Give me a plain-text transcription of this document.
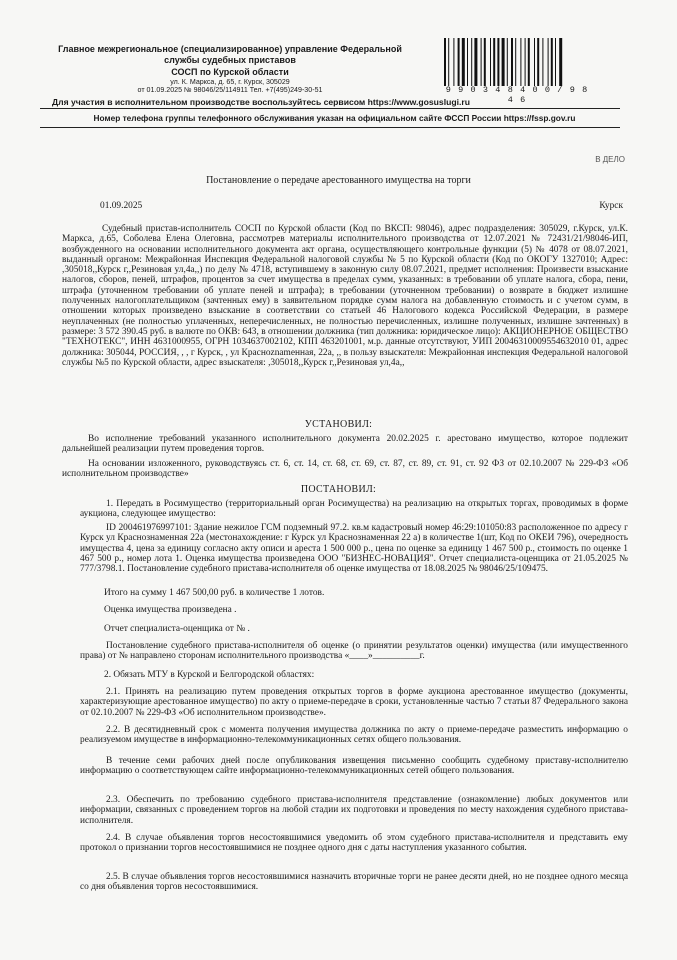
Главное межрегиональное (специализированное) управление Федеральной
службы судебных приставов
СОСП по Курской области
ул. К. Маркса, д. 65, г. Курск, 305029
от 01.09.2025 № 98046/25/114911 Тел. +7(495)249-30-51	9 9 0 3 4 8 4 0 0 / 9 8 4 6
Для участия в исполнительном производстве воспользуйтесь сервисом https://www.gosuslugi.ru
Номер телефона группы телефонного обслуживания указан на официальном сайте ФССП России https://fssp.gov.ru
В ДЕЛО
Постановление о передаче арестованного имущества на торги
01.09.2025	Курск
Судебный пристав-исполнитель СОСП по Курской области (Код по ВКСП: 98046), адрес подразделения: 305029, г.Курск, ул.К. Маркса, д.65, Соболева Елена Олеговна, рассмотрев материалы исполнительного производства от 12.07.2021 № 72431/21/98046-ИП, возбужденного на основании исполнительного документа акт органа, осуществляющего контрольные функции (5) № 4078 от 08.07.2021, выданный органом: Межрайонная Инспекция Федеральной налоговой службы № 5 по Курской области (Код по ОКОГУ 1327010; Адрес: ,305018,,Курск г,,Резиновая ул,4а,,) по делу № 4718, вступившему в законную силу 08.07.2021, предмет исполнения: Произвести взыскание налогов, сборов, пеней, штрафов, процентов за счет имущества в пределах сумм, указанных: в требовании об уплате налога, сбора, пени, штрафа (уточненном требовании об уплате пеней и штрафа); в требовании (уточненном требовании) о возврате в бюджет излишне полученных налогоплательщиком (зачтенных ему) в заявительном порядке сумм налога на добавленную стоимость и с учетом сумм, в отношении которых произведено взыскание в соответствии со статьей 46 Налогового кодекса Российской Федерации, в размере неуплаченных (не полностью уплаченных, неперечисленных, не полностью перечисленных, излишне полученных, излишне зачтенных) в размере: 3 572 390.45 руб. в валюте по ОКВ: 643, в отношении должника (тип должника: юридическое лицо): АКЦИОНЕРНОЕ ОБЩЕСТВО "ТЕХНОТЕКС", ИНН 4631000955, ОГРН 1034637002102, КПП 463201001, м.р. данные отсутствуют, УИП 20046310009554632010 01, адрес должника: 305044, РОССИЯ, , , г Курск, , ул Красноznamенная, 22а, ,, в пользу взыскателя: Межрайонная инспекция Федеральной налоговой службы №5 по Курской области, адрес взыскателя: ,305018,,Курск г,,Резиновая ул,4а,,
УСТАНОВИЛ:
Во исполнение требований указанного исполнительного документа 20.02.2025 г. арестовано имущество, которое подлежит дальнейшей реализации путем проведения торгов.
На основании изложенного, руководствуясь ст. 6, ст. 14, ст. 68, ст. 69, ст. 87, ст. 89, ст. 91, ст. 92 ФЗ от 02.10.2007 № 229-ФЗ «Об исполнительном производстве»
ПОСТАНОВИЛ:
1. Передать в Росимущество (территориальный орган Росимущества) на реализацию на открытых торгах, проводимых в форме аукциона, следующее имущество:
ID 200461976997101: Здание нежилое ГСМ подземный 97.2. кв.м кадастровый номер 46:29:101050:83 расположенное по адресу г Курск ул Краснознаменная 22а (местонахождение: г Курск ул Краснознаменная 22 а) в количестве 1(шт, Код по ОКЕИ 796), очередность имущества 4, цена за единицу согласно акту описи и ареста 1 500 000 р., цена по оценке за единицу 1 467 500 р., стоимость по оценке 1 467 500 р., номер лота 1. Оценка имущества произведена ООО "БИЗНЕС-НОВАЦИЯ". Отчет специалиста-оценщика от 21.05.2025 № 777/3798.1. Постановление судебного пристава-исполнителя об оценке имущества от 18.08.2025 № 98046/25/109475.
Итого на сумму 1 467 500,00 руб. в количестве 1 лотов.
Оценка имущества произведена .
Отчет специалиста-оценщика от № .
Постановление судебного пристава-исполнителя об оценке (о принятии результатов оценки) имущества (или имущественного права) от № направлено сторонам исполнительного производства «____»__________г.
2. Обязать МТУ в Курской и Белгородской областях:
2.1. Принять на реализацию путем проведения открытых торгов в форме аукциона арестованное имущество (документы, характеризующие арестованное имущество) по акту о приеме-передаче в сроки, установленные частью 7 статьи 87 Федерального закона от 02.10.2007 № 229-ФЗ «Об исполнительном производстве».
2.2. В десятидневный срок с момента получения имущества должника по акту о приеме-передаче разместить информацию о реализуемом имуществе в информационно-телекоммуникационных сетях общего пользования.
В течение семи рабочих дней после опубликования извещения письменно сообщить судебному приставу-исполнителю информацию о соответствующем сайте информационно-телекоммуникационных сетей общего пользования.
2.3. Обеспечить по требованию судебного пристава-исполнителя представление (ознакомление) любых документов или информации, связанных с проведением торгов на любой стадии их подготовки и проведения по месту нахождения судебного пристава-исполнителя.
2.4. В случае объявления торгов несостоявшимися уведомить об этом судебного пристава-исполнителя и представить ему протокол о признании торгов несостоявшимися не позднее одного дня с даты наступления указанного события.
2.5. В случае объявления торгов несостоявшимися назначить вторичные торги не ранее десяти дней, но не позднее одного месяца со дня объявления торгов несостоявшимися.
